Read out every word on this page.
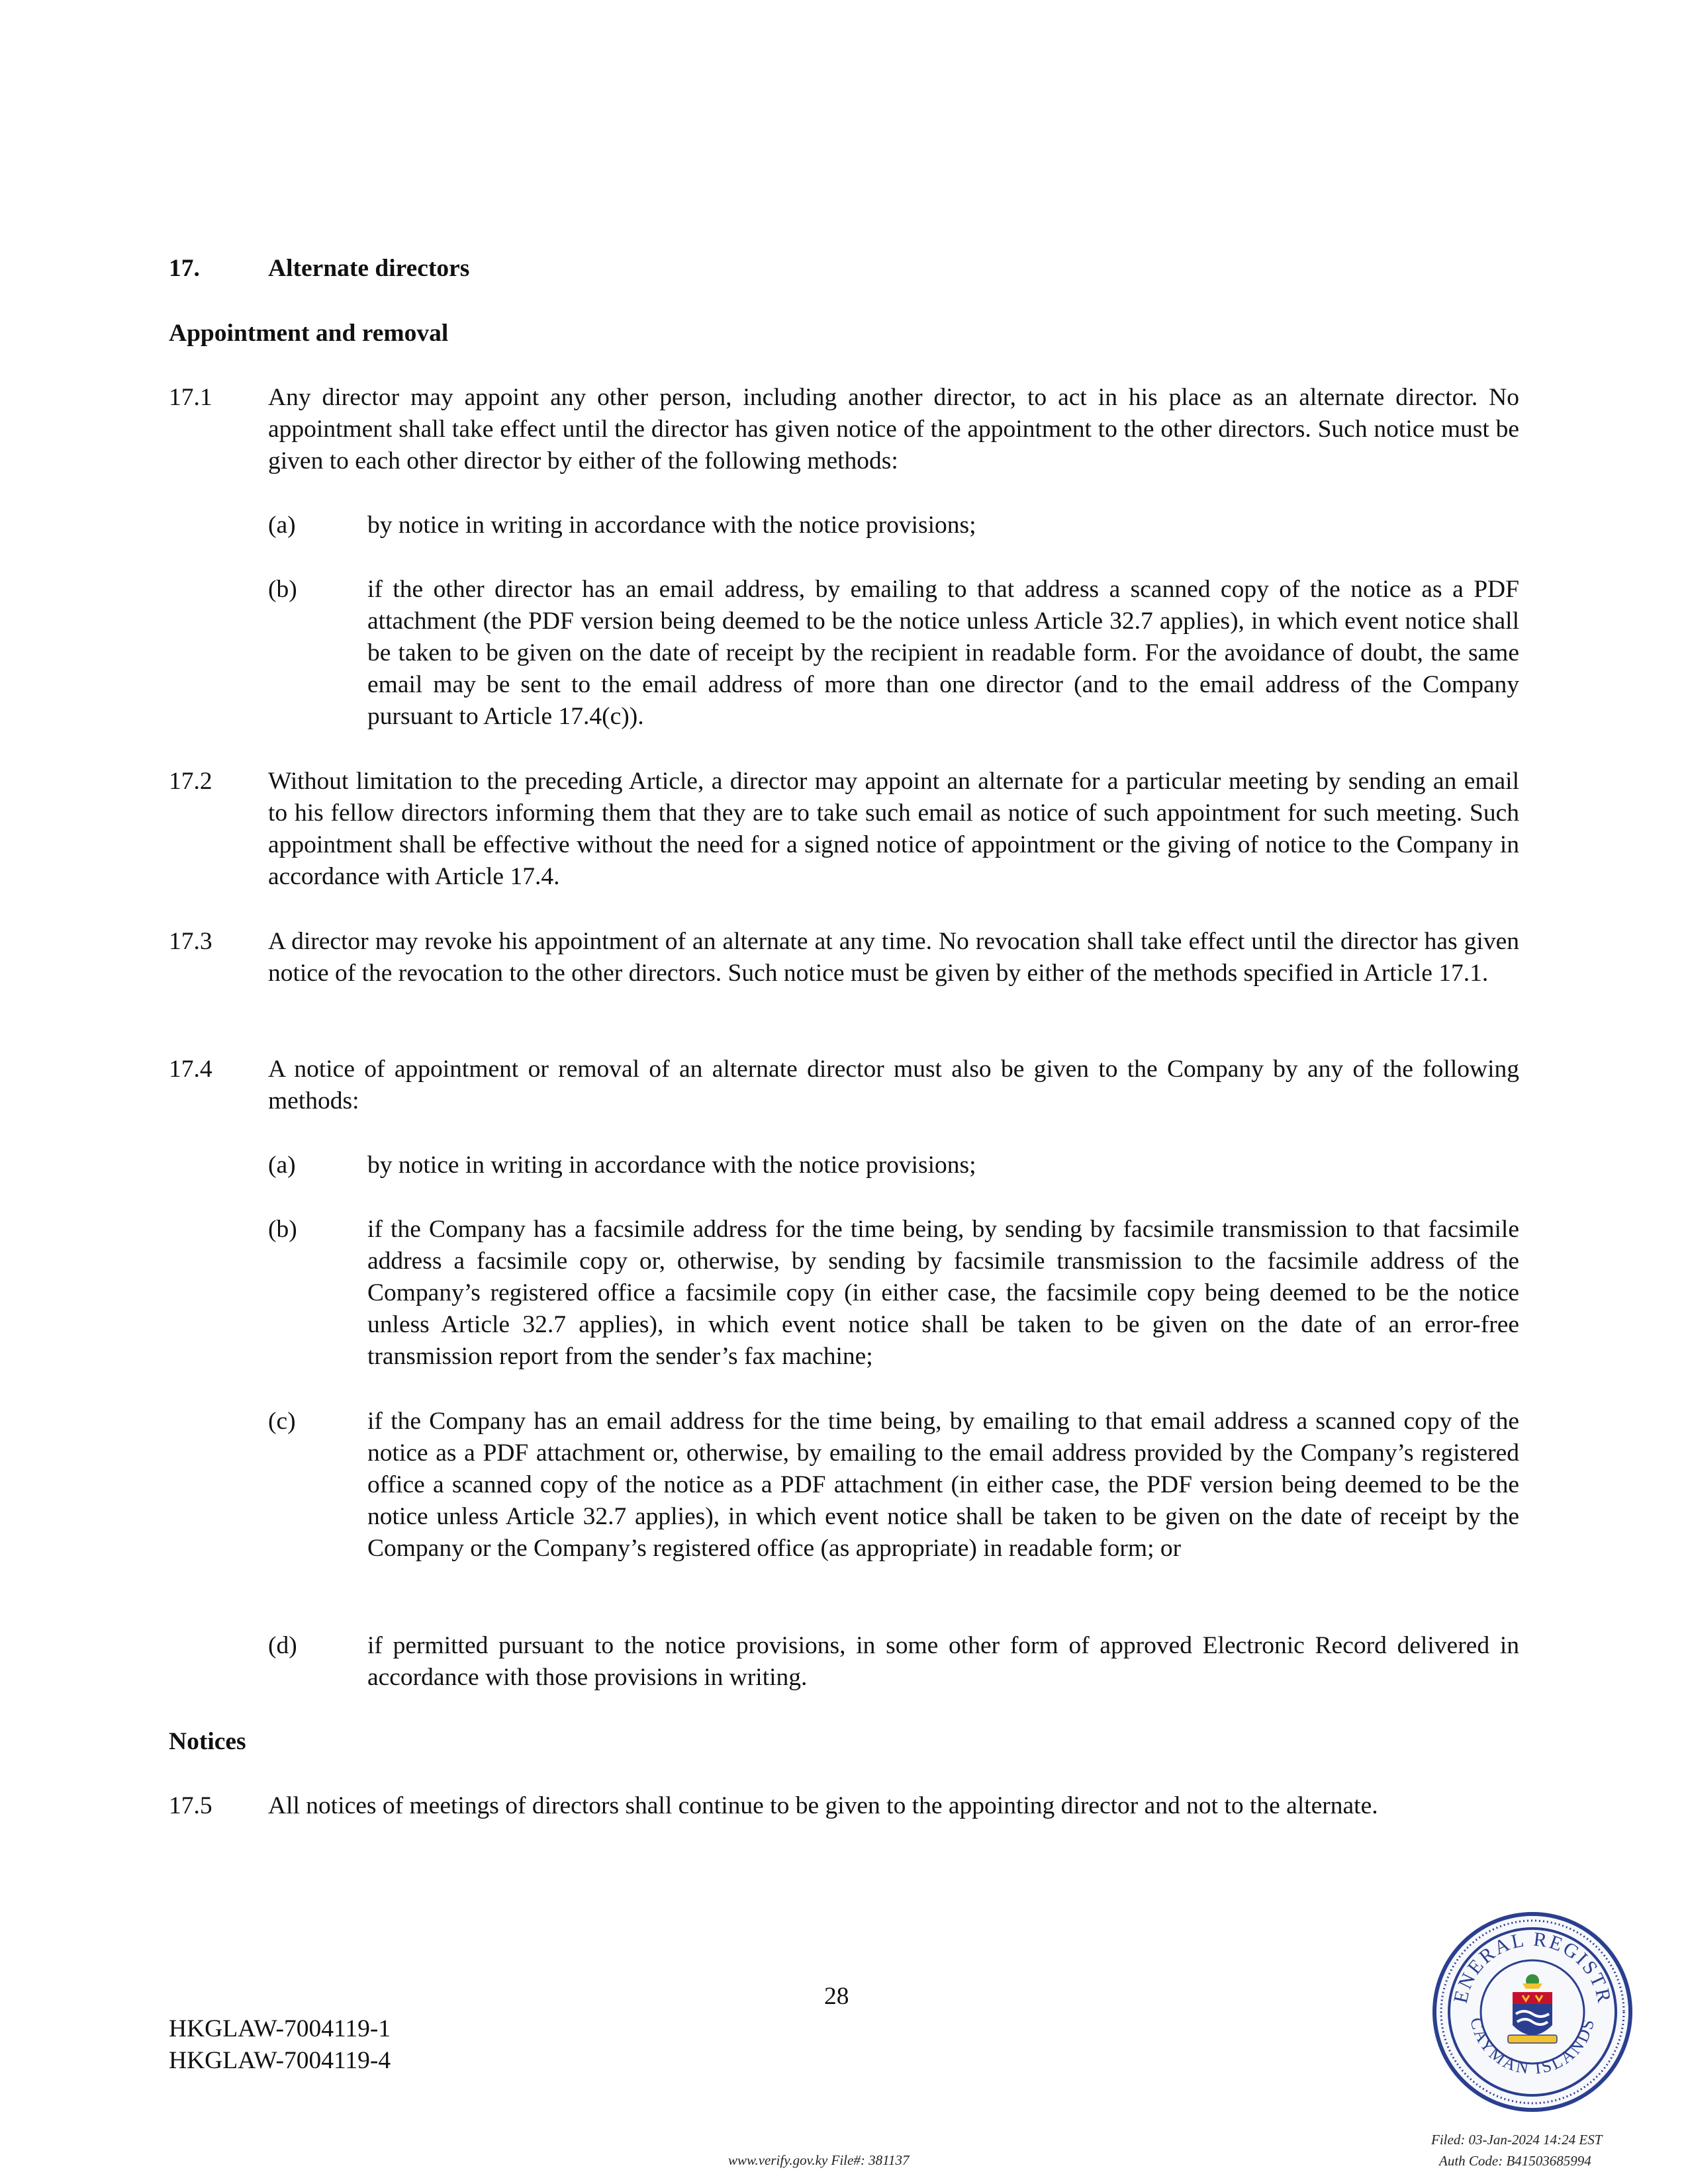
17.	Alternate directors
Appointment and removal
17.1 Any director may appoint any other person, including another director, to act in his place as an alternate director. No appointment shall take effect until the director has given notice of the appointment to the other directors. Such notice must be given to each other director by either of the following methods:
(a)	by notice in writing in accordance with the notice provisions;
(b)	if the other director has an email address, by emailing to that address a scanned copy of the notice as a PDF attachment (the PDF version being deemed to be the notice unless Article 32.7 applies), in which event notice shall be taken to be given on the date of receipt by the recipient in readable form. For the avoidance of doubt, the same email may be sent to the email address of more than one director (and to the email address of the Company pursuant to Article 17.4(c)).
17.2 Without limitation to the preceding Article, a director may appoint an alternate for a particular meeting by sending an email to his fellow directors informing them that they are to take such email as notice of such appointment for such meeting. Such appointment shall be effective without the need for a signed notice of appointment or the giving of notice to the Company in accordance with Article 17.4.
17.3 A director may revoke his appointment of an alternate at any time. No revocation shall take effect until the director has given notice of the revocation to the other directors. Such notice must be given by either of the methods specified in Article 17.1.
17.4 A notice of appointment or removal of an alternate director must also be given to the Company by any of the following methods:
(a)	by notice in writing in accordance with the notice provisions;
(b)	if the Company has a facsimile address for the time being, by sending by facsimile transmission to that facsimile address a facsimile copy or, otherwise, by sending by facsimile transmission to the facsimile address of the Company’s registered office a facsimile copy (in either case, the facsimile copy being deemed to be the notice unless Article 32.7 applies), in which event notice shall be taken to be given on the date of an error-free transmission report from the sender’s fax machine;
(c)	if the Company has an email address for the time being, by emailing to that email address a scanned copy of the notice as a PDF attachment or, otherwise, by emailing to the email address provided by the Company’s registered office a scanned copy of the notice as a PDF attachment (in either case, the PDF version being deemed to be the notice unless Article 32.7 applies), in which event notice shall be taken to be given on the date of receipt by the Company or the Company’s registered office (as appropriate) in readable form; or
(d)	if permitted pursuant to the notice provisions, in some other form of approved Electronic Record delivered in accordance with those provisions in writing.
Notices
17.5 All notices of meetings of directors shall continue to be given to the appointing director and not to the alternate.
28
HKGLAW-7004119-1
HKGLAW-7004119-4
www.verify.gov.ky File#: 381137
Filed: 03-Jan-2024 14:24 EST
Auth Code: B41503685994
ENERAL REGISTR
CAYMAN ISLANDS
